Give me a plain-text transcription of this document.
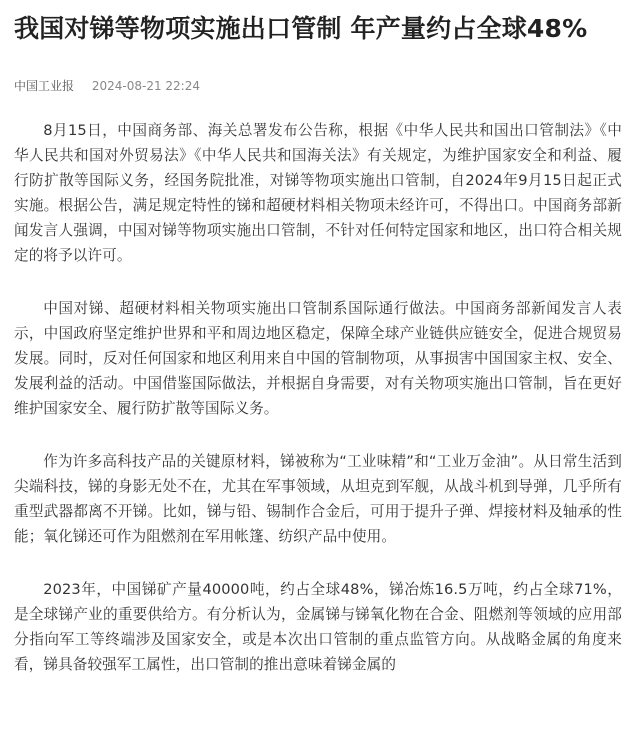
我国对锑等物项实施出口管制 年产量约占全球48%
中国工业报 2024-08-21 22:24

8月15日，中国商务部、海关总署发布公告称，根据《中华人民共和国出口管制法》《中华人民共和国对外贸易法》《中华人民共和国海关法》有关规定，为维护国家安全和利益、履行防扩散等国际义务，经国务院批准，对锑等物项实施出口管制，自2024年9月15日起正式实施。根据公告，满足规定特性的锑和超硬材料相关物项未经许可，不得出口。中国商务部新闻发言人强调，中国对锑等物项实施出口管制，不针对任何特定国家和地区，出口符合相关规定的将予以许可。

中国对锑、超硬材料相关物项实施出口管制系国际通行做法。中国商务部新闻发言人表示，中国政府坚定维护世界和平和周边地区稳定，保障全球产业链供应链安全，促进合规贸易发展。同时，反对任何国家和地区利用来自中国的管制物项，从事损害中国国家主权、安全、发展利益的活动。中国借鉴国际做法，并根据自身需要，对有关物项实施出口管制，旨在更好维护国家安全、履行防扩散等国际义务。

作为许多高科技产品的关键原材料，锑被称为“工业味精”和“工业万金油”。从日常生活到尖端科技，锑的身影无处不在，尤其在军事领域，从坦克到军舰，从战斗机到导弹，几乎所有重型武器都离不开锑。比如，锑与铅、锡制作合金后，可用于提升子弹、焊接材料及轴承的性能；氧化锑还可作为阻燃剂在军用帐篷、纺织产品中使用。

2023年，中国锑矿产量40000吨，约占全球48%，锑冶炼16.5万吨，约占全球71%，是全球锑产业的重要供给方。有分析认为，金属锑与锑氧化物在合金、阻燃剂等领域的应用部分指向军工等终端涉及国家安全，或是本次出口管制的重点监管方向。从战略金属的角度来看，锑具备较强军工属性，出口管制的推出意味着锑金属的
